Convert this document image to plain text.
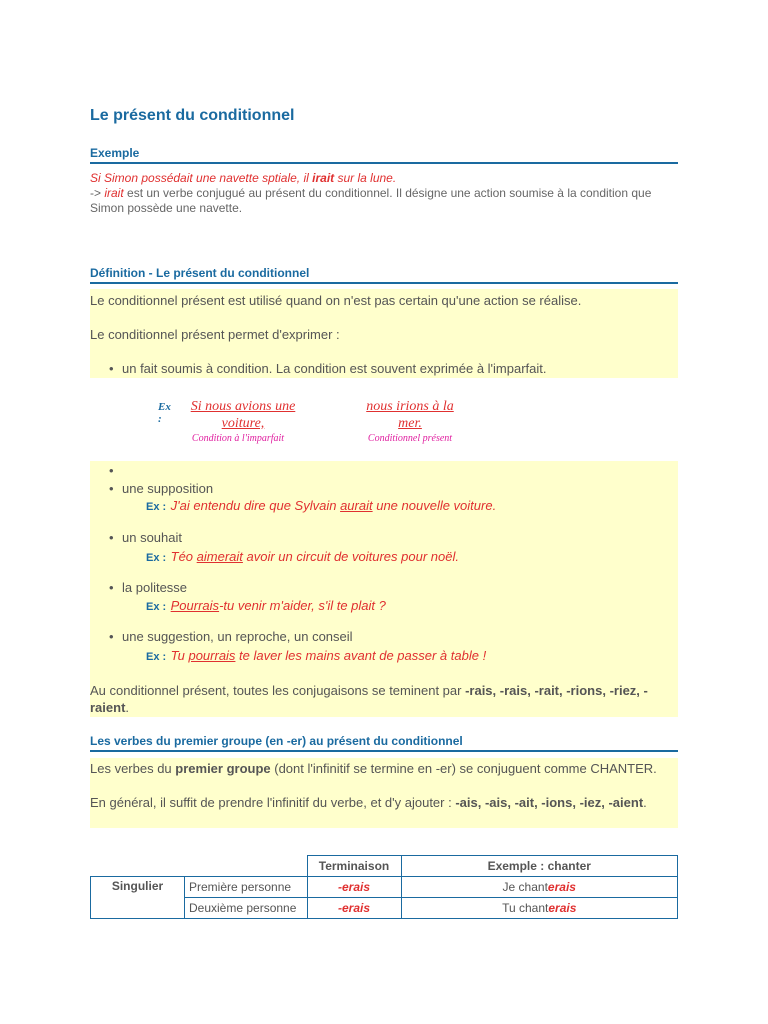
Le présent du conditionnel
Exemple
Si Simon possédait une navette sptiale, il irait sur la lune.
-> irait est un verbe conjugué au présent du conditionnel. Il désigne une action soumise à la condition que Simon possède une navette.
Définition - Le présent du conditionnel

Le conditionnel présent est utilisé quand on n'est pas certain qu'une action se réalise.

Le conditionnel présent permet d'exprimer :

• un fait soumis à condition. La condition est souvent exprimée à l'imparfait.
Ex :
Si nous avions une voiture,
Condition à l'imparfait
nous irions à la mer.
Conditionnel présent
• une supposition
Ex : J'ai entendu dire que Sylvain aurait une nouvelle voiture.
• un souhait
Ex : Téo aimerait avoir un circuit de voitures pour noël.
• la politesse
Ex : Pourrais-tu venir m'aider, s'il te plait ?
• une suggestion, un reproche, un conseil
Ex : Tu pourrais te laver les mains avant de passer à table !

Au conditionnel présent, toutes les conjugaisons se teminent par -rais, -rais, -rait, -rions, -riez, -raient.

Les verbes du premier groupe (en -er) au présent du conditionnel

Les verbes du premier groupe (dont l'infinitif se termine en -er) se conjuguent comme CHANTER.

En général, il suffit de prendre l'infinitif du verbe, et d'y ajouter : -ais, -ais, -ait, -ions, -iez, -aient.

		Terminaison	Exemple : chanter
Singulier	Première personne	-erais	Je chanterais
	Deuxième personne	-erais	Tu chanterais
